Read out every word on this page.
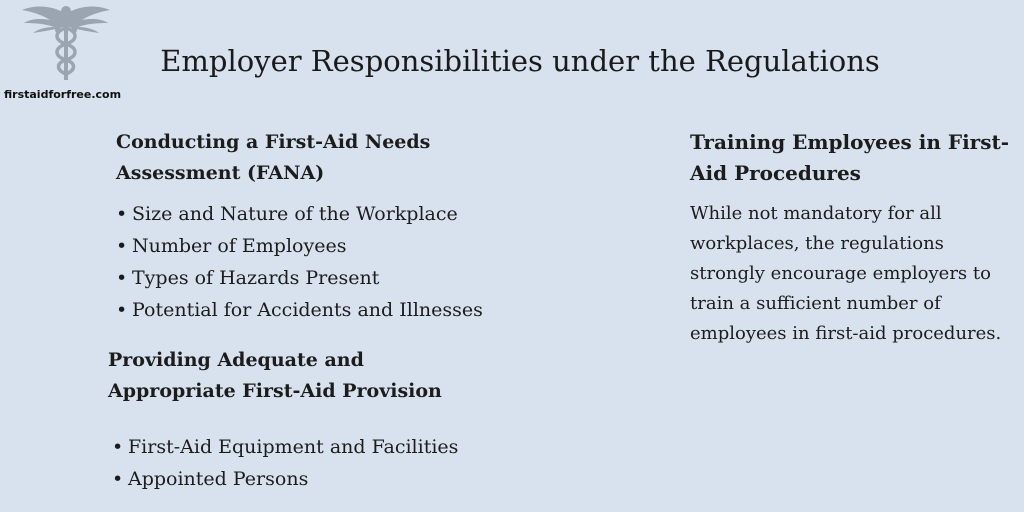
firstaidforfree.com
Employer Responsibilities under the Regulations
Conducting a First-Aid Needs Assessment (FANA)
• Size and Nature of the Workplace
• Number of Employees
• Types of Hazards Present
• Potential for Accidents and Illnesses
Providing Adequate and Appropriate First-Aid Provision
• First-Aid Equipment and Facilities
• Appointed Persons
Training Employees in First-Aid Procedures
While not mandatory for all workplaces, the regulations strongly encourage employers to train a sufficient number of employees in first-aid procedures.
